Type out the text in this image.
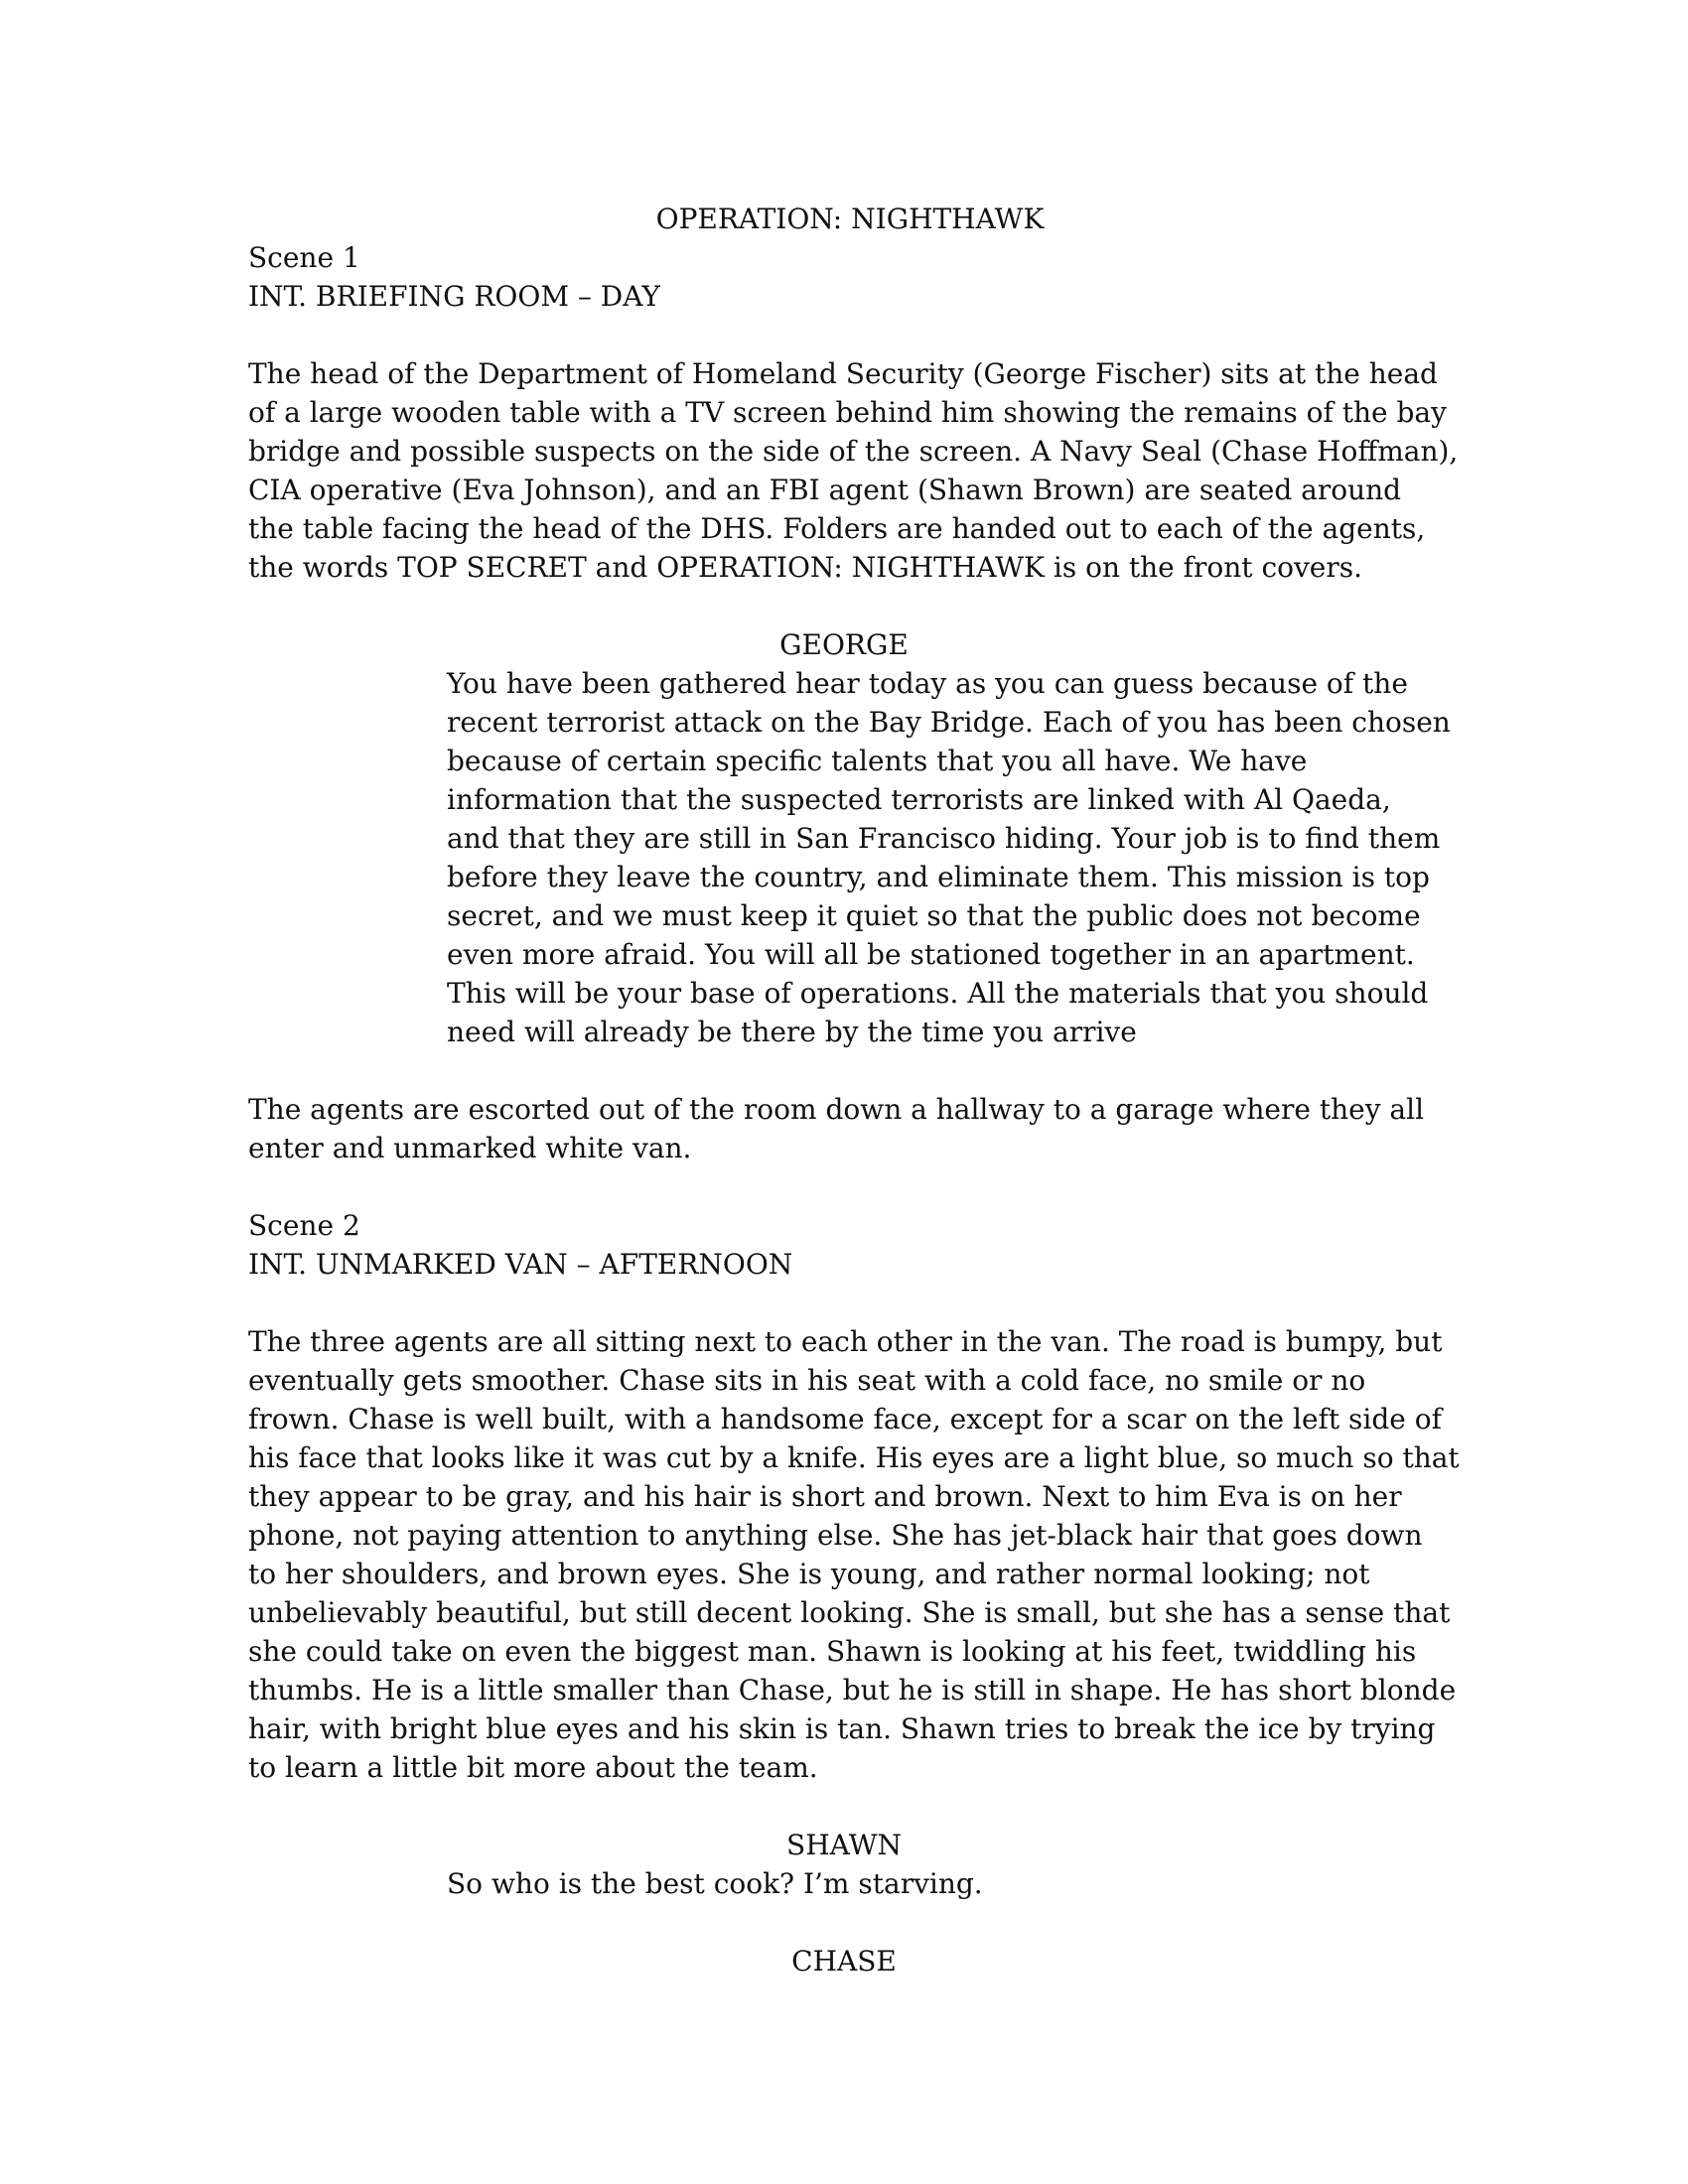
OPERATION: NIGHTHAWK
Scene 1
INT. BRIEFING ROOM – DAY
The head of the Department of Homeland Security (George Fischer) sits at the head
of a large wooden table with a TV screen behind him showing the remains of the bay
bridge and possible suspects on the side of the screen. A Navy Seal (Chase Hoffman),
CIA operative (Eva Johnson), and an FBI agent (Shawn Brown) are seated around
the table facing the head of the DHS. Folders are handed out to each of the agents,
the words TOP SECRET and OPERATION: NIGHTHAWK is on the front covers.
GEORGE
You have been gathered hear today as you can guess because of the
recent terrorist attack on the Bay Bridge. Each of you has been chosen
because of certain specific talents that you all have. We have
information that the suspected terrorists are linked with Al Qaeda,
and that they are still in San Francisco hiding. Your job is to find them
before they leave the country, and eliminate them. This mission is top
secret, and we must keep it quiet so that the public does not become
even more afraid. You will all be stationed together in an apartment.
This will be your base of operations. All the materials that you should
need will already be there by the time you arrive
The agents are escorted out of the room down a hallway to a garage where they all
enter and unmarked white van.
Scene 2
INT. UNMARKED VAN – AFTERNOON
The three agents are all sitting next to each other in the van. The road is bumpy, but
eventually gets smoother. Chase sits in his seat with a cold face, no smile or no
frown. Chase is well built, with a handsome face, except for a scar on the left side of
his face that looks like it was cut by a knife. His eyes are a light blue, so much so that
they appear to be gray, and his hair is short and brown. Next to him Eva is on her
phone, not paying attention to anything else. She has jet-black hair that goes down
to her shoulders, and brown eyes. She is young, and rather normal looking; not
unbelievably beautiful, but still decent looking. She is small, but she has a sense that
she could take on even the biggest man. Shawn is looking at his feet, twiddling his
thumbs. He is a little smaller than Chase, but he is still in shape. He has short blonde
hair, with bright blue eyes and his skin is tan. Shawn tries to break the ice by trying
to learn a little bit more about the team.
SHAWN
So who is the best cook? I’m starving.
CHASE
